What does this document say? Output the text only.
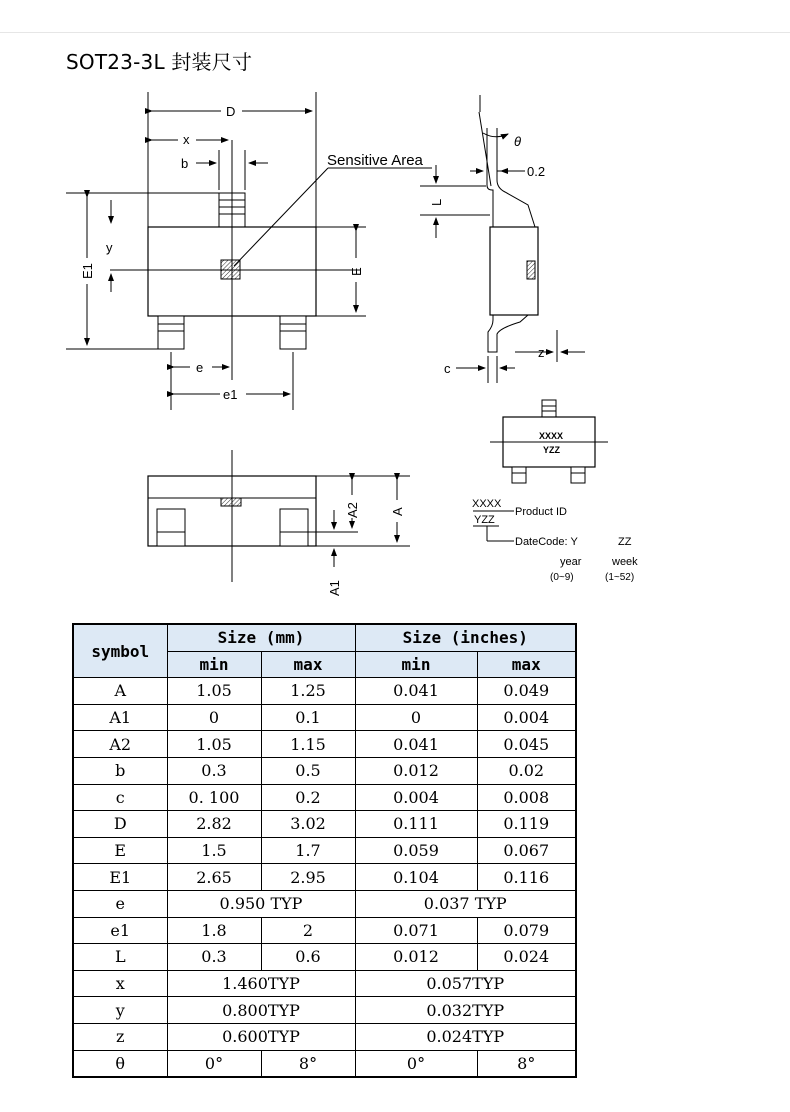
SOT23-3L 封装尺寸
D
x
b	Sensitive Area
y
E1	E
e
e1
θ
0.2
L
c
z
XXXX
YZZ
XXXX
YZZ
Product ID
DateCode: Y	ZZ
year	week
(0~9)	(1~52)
A2 A
A1
symbol	Size (mm)		Size (inches)	
	min	max	min	max
A	1.05	1.25	0.041	0.049
A1	0	0.1	0	0.004
A2	1.05	1.15	0.041	0.045
b	0.3	0.5	0.012	0.02
c	0. 100	0.2	0.004	0.008
D	2.82	3.02	0.111	0.119
E	1.5	1.7	0.059	0.067
E1	2.65	2.95	0.104	0.116
e	0.950 TYP		0.037 TYP	
e1	1.8	2	0.071	0.079
L	0.3	0.6	0.012	0.024
x	1.460TYP		0.057TYP	
y	0.800TYP		0.032TYP	
z	0.600TYP		0.024TYP	
θ	0°	8°	0°	8°
